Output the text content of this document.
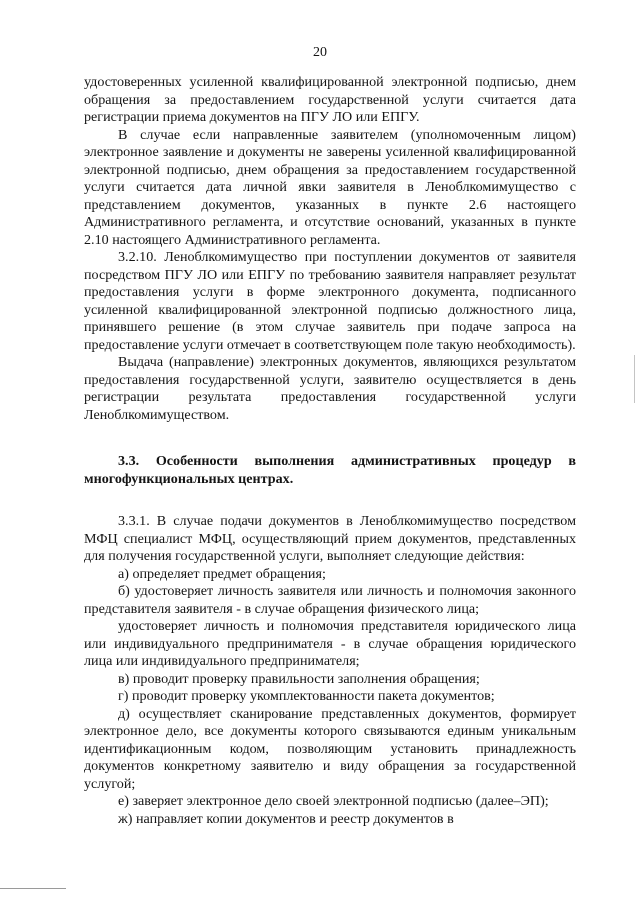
20

удостоверенных усиленной квалифицированной электронной подписью, днем обращения за предоставлением государственной услуги считается дата регистрации приема документов на ПГУ ЛО или ЕПГУ.

В случае если направленные заявителем (уполномоченным лицом) электронное заявление и документы не заверены усиленной квалифицированной электронной подписью, днем обращения за предоставлением государственной услуги считается дата личной явки заявителя в Леноблкомимущество с представлением документов, указанных в пункте 2.6 настоящего Административного регламента, и отсутствие оснований, указанных в пункте 2.10 настоящего Административного регламента.

3.2.10. Леноблкомимущество при поступлении документов от заявителя посредством ПГУ ЛО или ЕПГУ по требованию заявителя направляет результат предоставления услуги в форме электронного документа, подписанного усиленной квалифицированной электронной подписью должностного лица, принявшего решение (в этом случае заявитель при подаче запроса на предоставление услуги отмечает в соответствующем поле такую необходимость).

Выдача (направление) электронных документов, являющихся результатом предоставления государственной услуги, заявителю осуществляется в день регистрации результата предоставления государственной услуги Леноблкомимуществом.

3.3. Особенности выполнения административных процедур в многофункциональных центрах.

3.3.1. В случае подачи документов в Леноблкомимущество посредством МФЦ специалист МФЦ, осуществляющий прием документов, представленных для получения государственной услуги, выполняет следующие действия:

а) определяет предмет обращения;

б) удостоверяет личность заявителя или личность и полномочия законного представителя заявителя - в случае обращения физического лица;

удостоверяет личность и полномочия представителя юридического лица или индивидуального предпринимателя - в случае обращения юридического лица или индивидуального предпринимателя;

в) проводит проверку правильности заполнения обращения;

г) проводит проверку укомплектованности пакета документов;

д) осуществляет сканирование представленных документов, формирует электронное дело, все документы которого связываются единым уникальным идентификационным кодом, позволяющим установить принадлежность документов конкретному заявителю и виду обращения за государственной услугой;

е) заверяет электронное дело своей электронной подписью (далее–ЭП);

ж) направляет копии документов и реестр документов в
